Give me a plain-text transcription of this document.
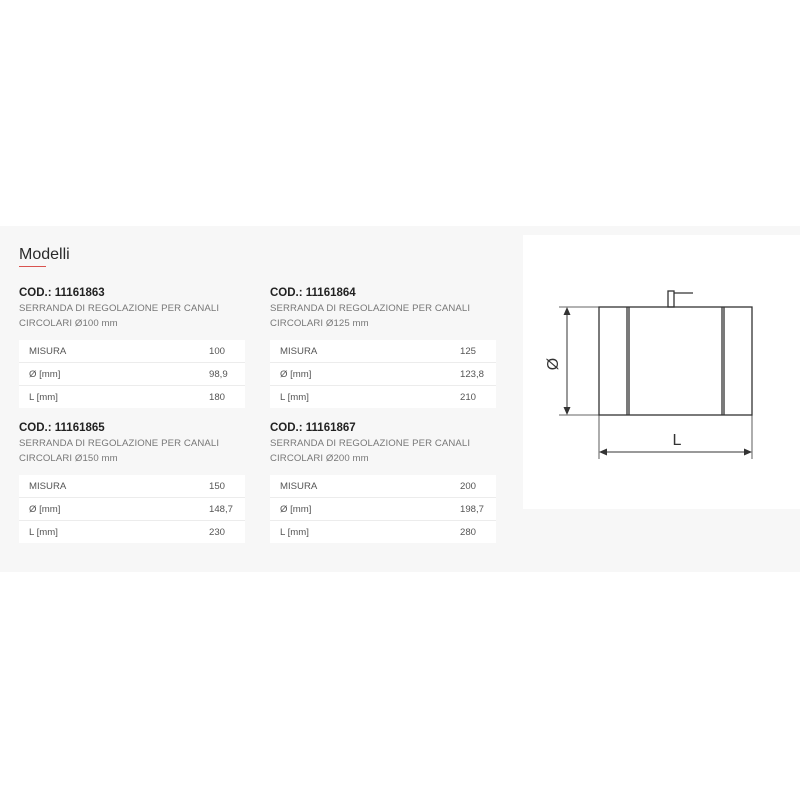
Modelli
COD.: 11161863
SERRANDA DI REGOLAZIONE PER CANALI
CIRCOLARI Ø100 mm
MISURA	100
Ø [mm]	98,9
L [mm]	180
COD.: 11161864
SERRANDA DI REGOLAZIONE PER CANALI
CIRCOLARI Ø125 mm
MISURA	125
Ø [mm]	123,8
L [mm]	210
COD.: 11161865
SERRANDA DI REGOLAZIONE PER CANALI
CIRCOLARI Ø150 mm
MISURA	150
Ø [mm]	148,7
L [mm]	230
COD.: 11161867
SERRANDA DI REGOLAZIONE PER CANALI
CIRCOLARI Ø200 mm
MISURA	200
Ø [mm]	198,7
L [mm]	280
Ø
L
